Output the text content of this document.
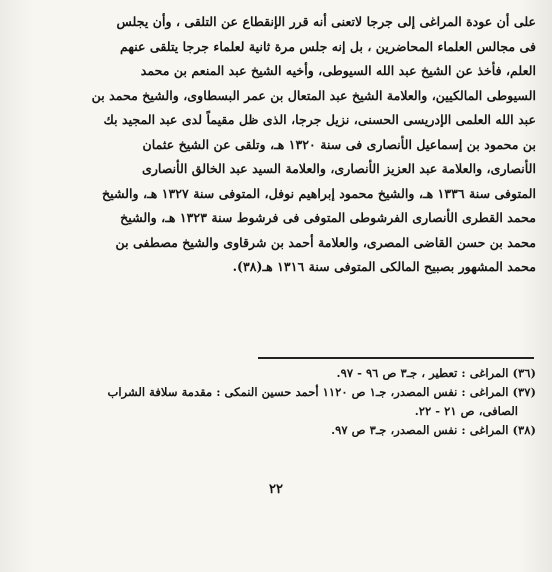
على أن عودة المراغى إلى جرجا لاتعنى أنه قرر الإنقطاع عن التلقى ، وأن يجلس
فى مجالس العلماء المحاضرين ، بل إنه جلس مرة ثانية لعلماء جرجا يتلقى عنهم
العلم، فأخذ عن الشيخ عبد الله السيوطى، وأخيه الشيخ عبد المنعم بن محمد
السيوطى المالكيين، والعلامة الشيخ عبد المتعال بن عمر البسطاوى، والشيخ محمد بن
عبد الله العلمى الإدريسى الحسنى، نزيل جرجا، الذى ظل مقيماً لدى عبد المجيد بك
بن محمود بن إسماعيل الأنصارى فى سنة ١٣٢٠ هـ، وتلقى عن الشيخ عثمان
الأنصارى، والعلامة عبد العزيز الأنصارى، والعلامة السيد عبد الخالق الأنصارى
المتوفى سنة ١٣٣٦ هـ، والشيخ محمود إبراهيم نوفل، المتوفى سنة ١٣٢٧ هـ، والشيخ
محمد القطرى الأنصارى الفرشوطى المتوفى فى فرشوط سنة ١٣٢٣ هـ، والشيخ
محمد بن حسن القاضى المصرى، والعلامة أحمد بن شرقاوى والشيخ مصطفى بن
محمد المشهور بصبيح المالكى المتوفى سنة ١٣١٦ هـ(٣٨).
(٣٦) المراغى : تعطير ، جـ٣ ص ٩٦ - ٩٧.
(٣٧) المراغى : نفس المصدر، جـ١ ص ١١٢٠ أحمد حسين النمكى : مقدمة سلافة الشراب
الصافى، ص ٢١ - ٢٢.
(٣٨) المراغى : نفس المصدر، جـ٣ ص ٩٧.
٢٢
